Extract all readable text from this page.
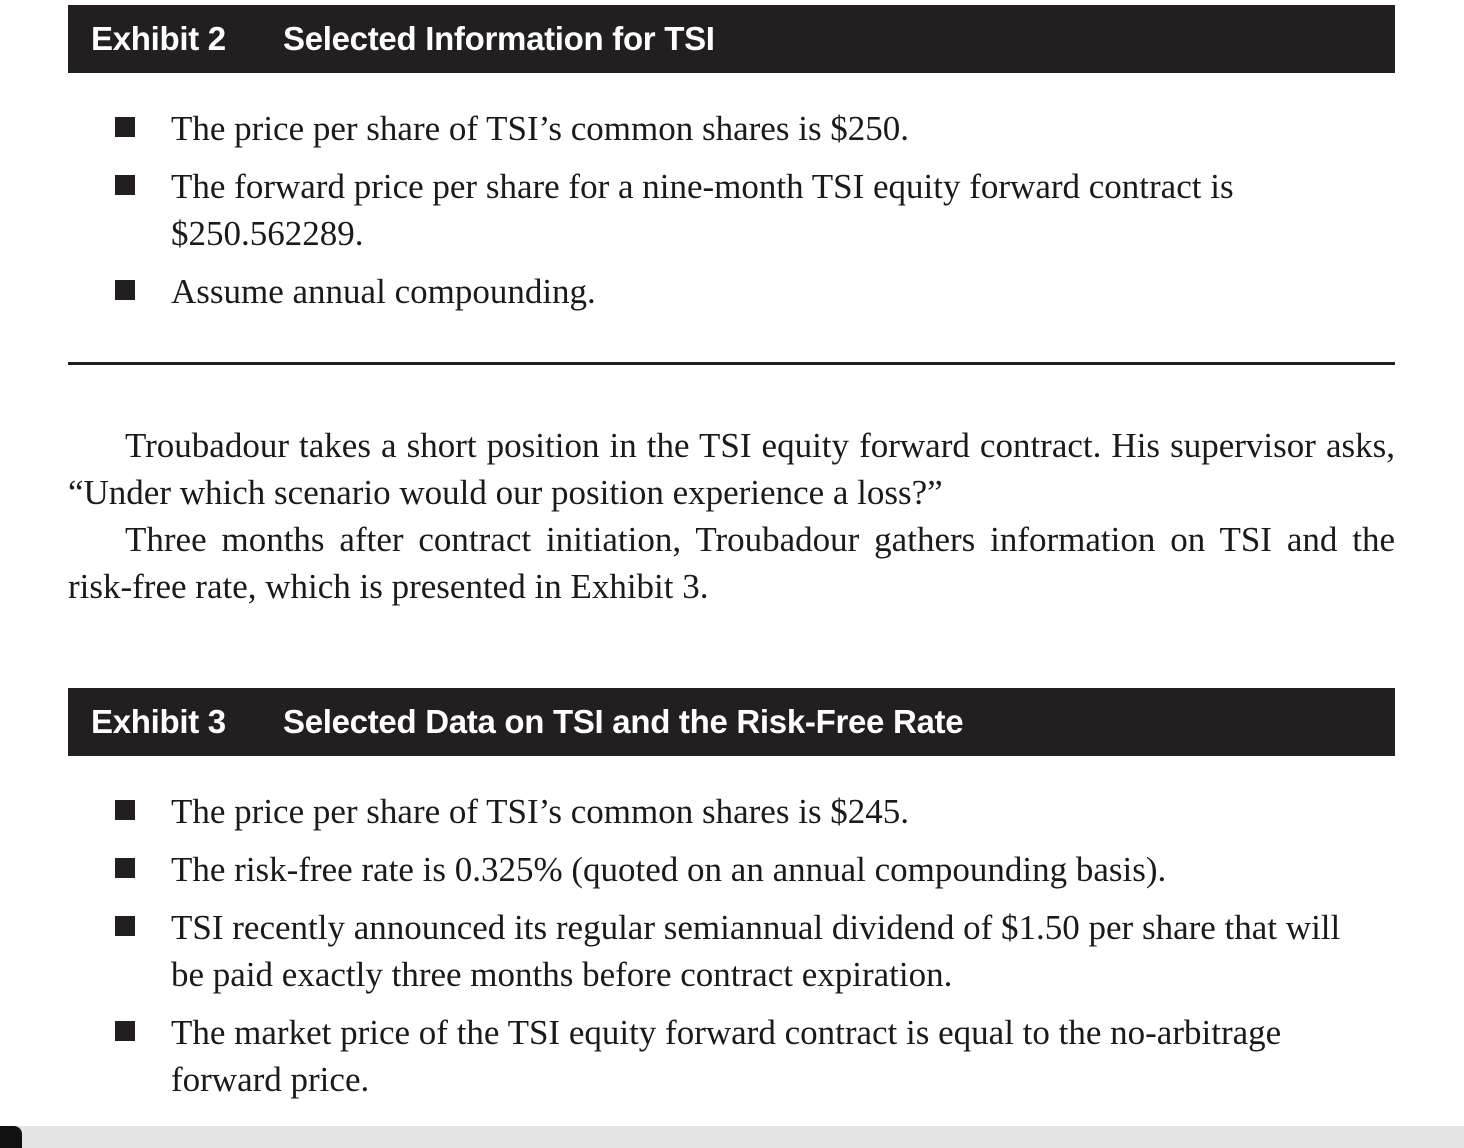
Exhibit 2	Selected Information for TSI
The price per share of TSI’s common shares is $250.
The forward price per share for a nine-month TSI equity forward contract is $250.562289.
Assume annual compounding.

Troubadour takes a short position in the TSI equity forward contract. His supervisor asks, “Under which scenario would our position experience a loss?”

Three months after contract initiation, Troubadour gathers information on TSI and the risk-free rate, which is presented in Exhibit 3.

Exhibit 3	Selected Data on TSI and the Risk-Free Rate
The price per share of TSI’s common shares is $245.
The risk-free rate is 0.325% (quoted on an annual compounding basis).
TSI recently announced its regular semiannual dividend of $1.50 per share that will be paid exactly three months before contract expiration.
The market price of the TSI equity forward contract is equal to the no-arbitrage forward price.
